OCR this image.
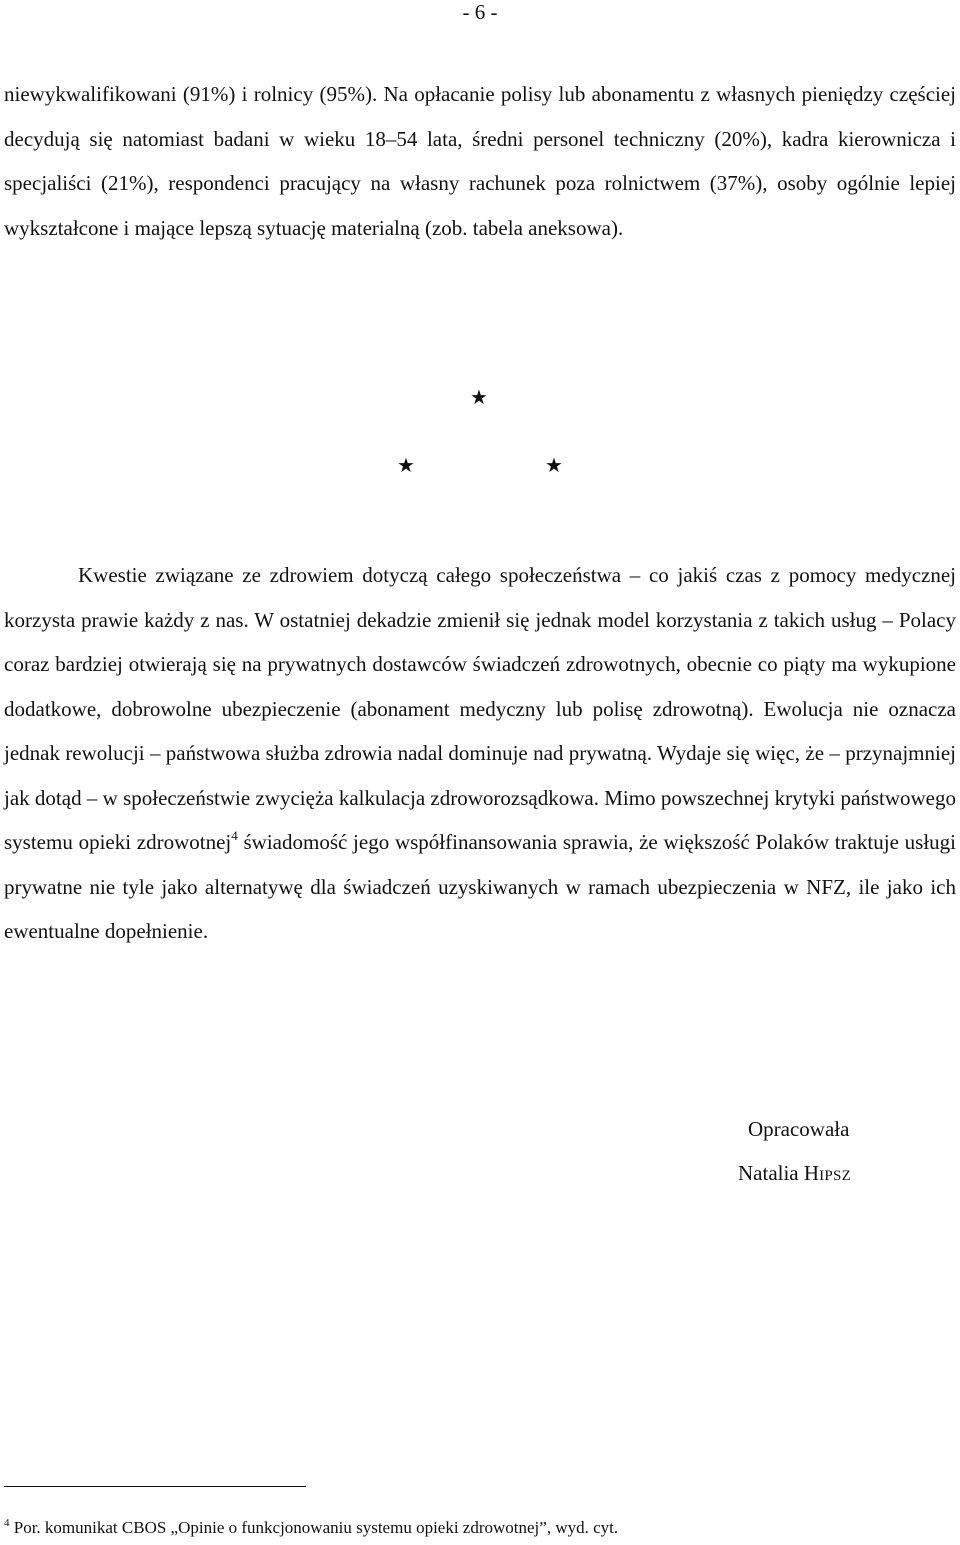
- 6 -

niewykwalifikowani (91%) i rolnicy (95%). Na opłacanie polisy lub abonamentu z własnych pieniędzy częściej decydują się natomiast badani w wieku 18–54 lata, średni personel techniczny (20%), kadra kierownicza i specjaliści (21%), respondenci pracujący na własny rachunek poza rolnictwem (37%), osoby ogólnie lepiej wykształcone i mające lepszą sytuację materialną (zob. tabela aneksowa).

★
★	★

Kwestie związane ze zdrowiem dotyczą całego społeczeństwa – co jakiś czas z pomocy medycznej korzysta prawie każdy z nas. W ostatniej dekadzie zmienił się jednak model korzystania z takich usług – Polacy coraz bardziej otwierają się na prywatnych dostawców świadczeń zdrowotnych, obecnie co piąty ma wykupione dodatkowe, dobrowolne ubezpieczenie (abonament medyczny lub polisę zdrowotną). Ewolucja nie oznacza jednak rewolucji – państwowa służba zdrowia nadal dominuje nad prywatną. Wydaje się więc, że – przynajmniej jak dotąd – w społeczeństwie zwycięża kalkulacja zdroworozsądkowa. Mimo powszechnej krytyki państwowego systemu opieki zdrowotnej$^4$ świadomość jego współfinansowania sprawia, że większość Polaków traktuje usługi prywatne nie tyle jako alternatywę dla świadczeń uzyskiwanych w ramach ubezpieczenia w NFZ, ile jako ich ewentualne dopełnienie.

Opracowała
Natalia HIPSZ
$^4$ Por. komunikat CBOS „Opinie o funkcjonowaniu systemu opieki zdrowotnej”, wyd. cyt.
